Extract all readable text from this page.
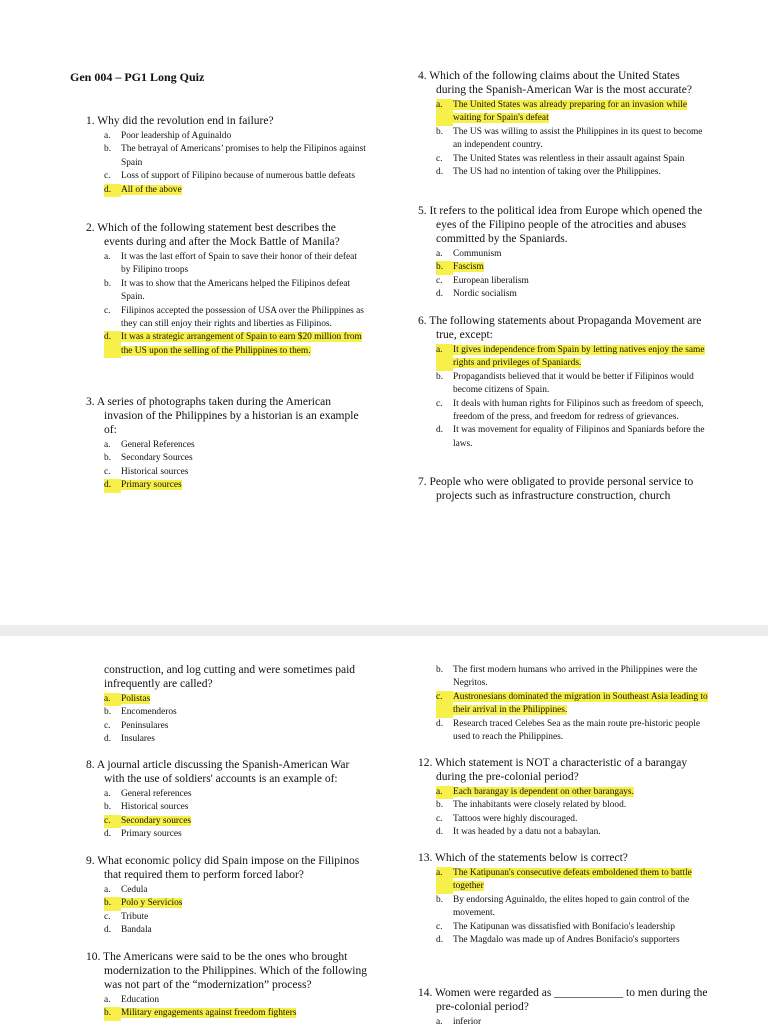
Gen 004 – PG1 Long Quiz

1. Why did the revolution end in failure?

a.	Poor leadership of Aguinaldo
b.	The betrayal of Americans’ promises to help the Filipinos against Spain
c.	Loss of support of Filipino because of numerous battle defeats
d.	All of the above

2. Which of the following statement best describes the events during and after the Mock Battle of Manila?

a.	It was the last effort of Spain to save their honor of their defeat by Filipino troops
b.	It was to show that the Americans helped the Filipinos defeat Spain.
c.	Filipinos accepted the possession of USA over the Philippines as they can still enjoy their rights and liberties as Filipinos.
d.	It was a strategic arrangement of Spain to earn $20 million from the US upon the selling of the Philippines to them.

3. A series of photographs taken during the American invasion of the Philippines by a historian is an example of:

a.	General References
b.	Secondary Sources
c.	Historical sources
d.	Primary sources

4. Which of the following claims about the United States during the Spanish-American War is the most accurate?

a.	The United States was already preparing for an invasion while waiting for Spain's defeat
b.	The US was willing to assist the Philippines in its quest to become an independent country.
c.	The United States was relentless in their assault against Spain
d.	The US had no intention of taking over the Philippines.

5. It refers to the political idea from Europe which opened the eyes of the Filipino people of the atrocities and abuses committed by the Spaniards.

a.	Communism
b.	Fascism
c.	European liberalism
d.	Nordic socialism

6. The following statements about Propaganda Movement are true, except:

a.	It gives independence from Spain by letting natives enjoy the same rights and privileges of Spaniards.
b.	Propagandists believed that it would be better if Filipinos would become citizens of Spain.
c.	It deals with human rights for Filipinos such as freedom of speech, freedom of the press, and freedom for redress of grievances.
d.	It was movement for equality of Filipinos and Spaniards before the laws.

7. People who were obligated to provide personal service to projects such as infrastructure construction, church

construction, and log cutting and were sometimes paid infrequently are called?

a.	Polistas
b.	Encomenderos
c.	Peninsulares
d.	Insulares

8. A journal article discussing the Spanish-American War with the use of soldiers' accounts is an example of:

a.	General references
b.	Historical sources
c.	Secondary sources
d.	Primary sources

9. What economic policy did Spain impose on the Filipinos that required them to perform forced labor?

a.	Cedula
b.	Polo y Servicios
c.	Tribute
d.	Bandala

10. The Americans were said to be the ones who brought modernization to the Philippines. Which of the following was not part of the “modernization” process?

a.	Education
b.	Military engagements against freedom fighters
b.	The first modern humans who arrived in the Philippines were the Negritos.
c.	Austronesians dominated the migration in Southeast Asia leading to their arrival in the Philippines.
d.	Research traced Celebes Sea as the main route pre-historic people used to reach the Philippines.

12. Which statement is NOT a characteristic of a barangay during the pre-colonial period?

a.	Each barangay is dependent on other barangays.
b.	The inhabitants were closely related by blood.
c.	Tattoos were highly discouraged.
d.	It was headed by a datu not a babaylan.

13. Which of the statements below is correct?

a.	The Katipunan's consecutive defeats emboldened them to battle together
b.	By endorsing Aguinaldo, the elites hoped to gain control of the movement.
c.	The Katipunan was dissatisfied with Bonifacio's leadership
d.	The Magdalo was made up of Andres Bonifacio's supporters

14. Women were regarded as ____________ to men during the pre-colonial period?

a.	inferior
